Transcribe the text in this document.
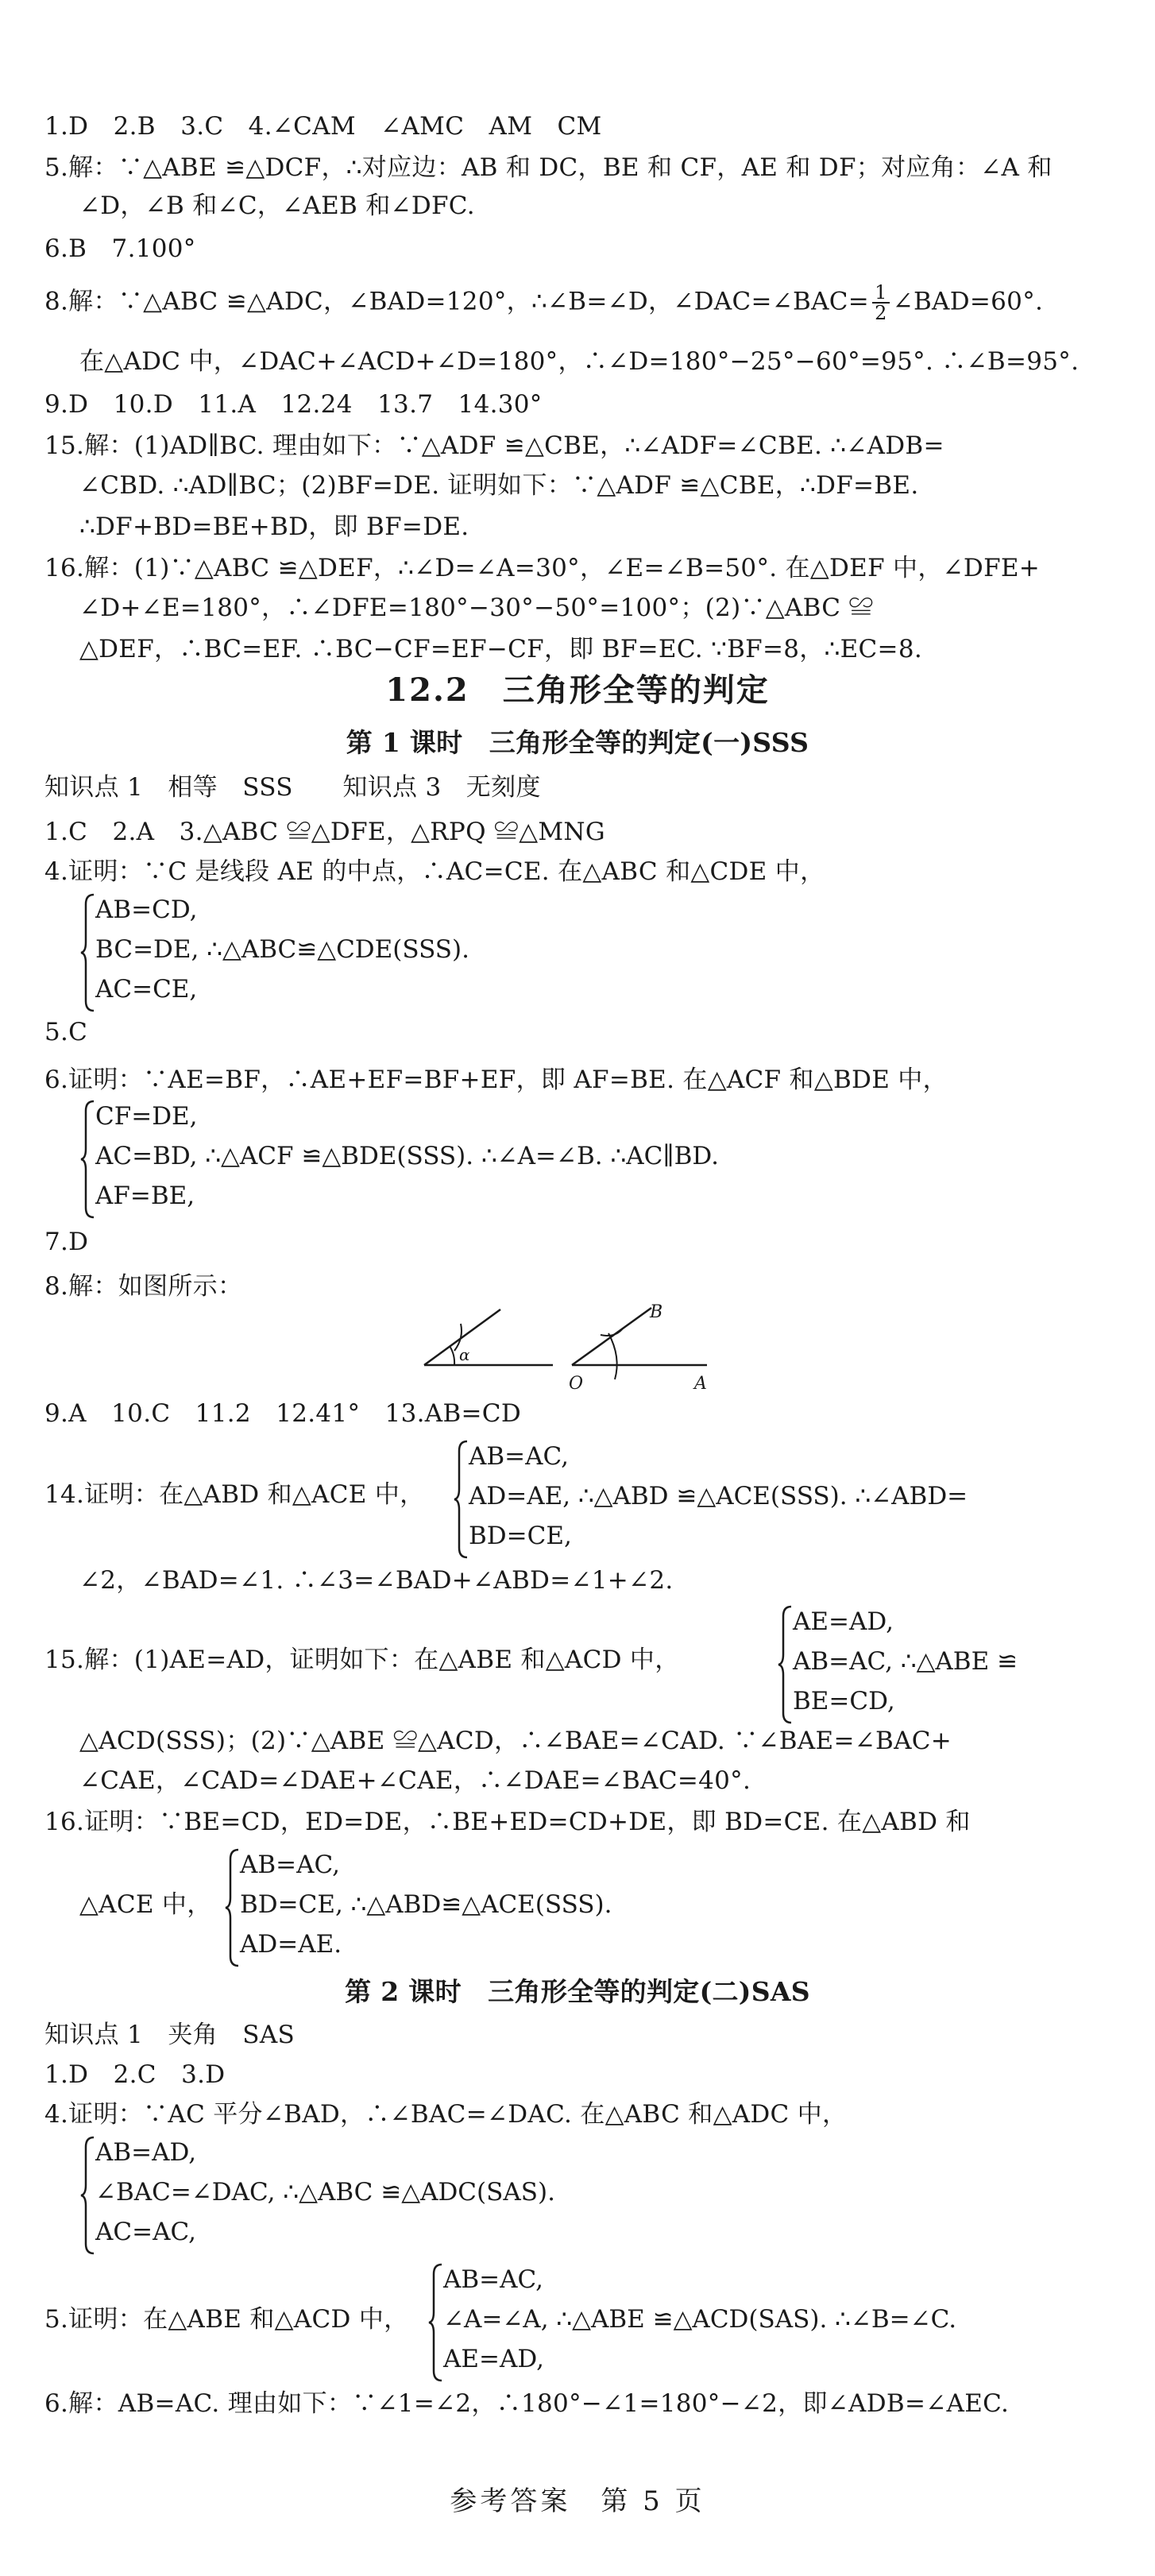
1.D　2.B　3.C　4.∠CAM　∠AMC　AM　CM
5.解：∵△ABE ≌△DCF，∴对应边：AB 和 DC，BE 和 CF，AE 和 DF；对应角：∠A 和
∠D，∠B 和∠C，∠AEB 和∠DFC.
6.B　7.100°
8.解：∵△ABC ≌△ADC，∠BAD=120°，∴∠B=∠D，∠DAC=∠BAC= $\frac{1}{2}$ ∠BAD=60°.
在△ADC 中，∠DAC+∠ACD+∠D=180°，∴∠D=180°−25°−60°=95°. ∴∠B=95°.
9.D　10.D　11.A　12.24　13.7　14.30°
15.解：(1)AD∥BC. 理由如下：∵△ADF ≌△CBE，∴∠ADF=∠CBE. ∴∠ADB=
∠CBD. ∴AD∥BC；(2)BF=DE. 证明如下：∵△ADF ≌△CBE，∴DF=BE.
∴DF+BD=BE+BD，即 BF=DE.
16.解：(1)∵△ABC ≌△DEF，∴∠D=∠A=30°，∠E=∠B=50°. 在△DEF 中，∠DFE+
∠D+∠E=180°，∴∠DFE=180°−30°−50°=100°；(2)∵△ABC ≌
△DEF，∴BC=EF. ∴BC−CF=EF−CF，即 BF=EC. ∵BF=8，∴EC=8.
12.2　三角形全等的判定
第 1 课时　三角形全等的判定(一)SSS
知识点 1　相等　SSS　　知识点 3　无刻度
1.C　2.A　3.△ABC ≌△DFE，△RPQ ≌△MNG
4.证明：∵C 是线段 AE 的中点，∴AC=CE. 在△ABC 和△CDE 中，
AB=CD,
BC=DE, ∴△ABC≌△CDE(SSS).
AC=CE,
5.C
6.证明：∵AE=BF，∴AE+EF=BF+EF，即 AF=BE. 在△ACF 和△BDE 中，
CF=DE,
AC=BD, ∴△ACF ≌△BDE(SSS). ∴∠A=∠B. ∴AC∥BD.
AF=BE,
7.D
8.解：如图所示：
α
O	A
B
9.A　10.C　11.2　12.41°　13.AB=CD
14.证明：在△ABD 和△ACE 中，
AB=AC,
AD=AE, ∴△ABD ≌△ACE(SSS). ∴∠ABD=
BD=CE,
∠2，∠BAD=∠1. ∴∠3=∠BAD+∠ABD=∠1+∠2.
15.解：(1)AE=AD，证明如下：在△ABE 和△ACD 中，
AE=AD,
AB=AC, ∴△ABE ≌
BE=CD,
△ACD(SSS)；(2)∵△ABE ≌△ACD，∴∠BAE=∠CAD. ∵∠BAE=∠BAC+
∠CAE，∠CAD=∠DAE+∠CAE，∴∠DAE=∠BAC=40°.
16.证明：∵BE=CD，ED=DE，∴BE+ED=CD+DE，即 BD=CE. 在△ABD 和
△ACE 中，
AB=AC,
BD=CE, ∴△ABD≌△ACE(SSS).
AD=AE.
第 2 课时　三角形全等的判定(二)SAS
知识点 1　夹角　SAS
1.D　2.C　3.D
4.证明：∵AC 平分∠BAD，∴∠BAC=∠DAC. 在△ABC 和△ADC 中，
AB=AD,
∠BAC=∠DAC, ∴△ABC ≌△ADC(SAS).
AC=AC,
5.证明：在△ABE 和△ACD 中，
AB=AC,
∠A=∠A, ∴△ABE ≌△ACD(SAS). ∴∠B=∠C.
AE=AD,
6.解：AB=AC. 理由如下：∵∠1=∠2，∴180°−∠1=180°−∠2，即∠ADB=∠AEC.
参考答案　第 5 页
